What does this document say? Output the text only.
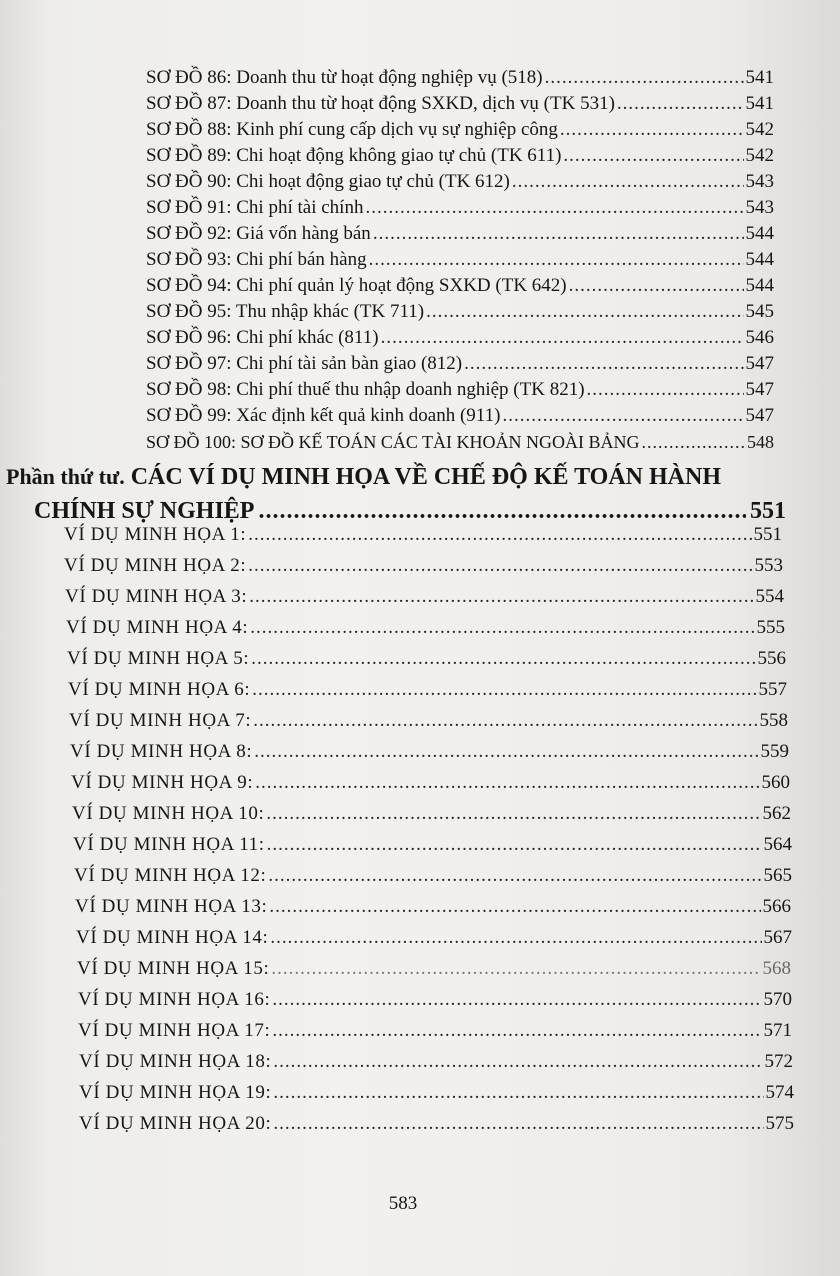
SƠ ĐỒ 86: Doanh thu từ hoạt động nghiệp vụ (518) .....	541
SƠ ĐỒ 87: Doanh thu từ hoạt động SXKD, dịch vụ (TK 531) .....	541
SƠ ĐỒ 88: Kinh phí cung cấp dịch vụ sự nghiệp công .....	542
SƠ ĐỒ 89: Chi hoạt động không giao tự chủ (TK 611) .....	542
SƠ ĐỒ 90: Chi hoạt động giao tự chủ (TK 612) .....	543
SƠ ĐỒ 91: Chi phí tài chính .....	543
SƠ ĐỒ 92: Giá vốn hàng bán .....	544
SƠ ĐỒ 93: Chi phí bán hàng .....	544
SƠ ĐỒ 94: Chi phí quản lý hoạt động SXKD (TK 642) .....	544
SƠ ĐỒ 95: Thu nhập khác (TK 711) .....	545
SƠ ĐỒ 96: Chi phí khác (811) .....	546
SƠ ĐỒ 97: Chi phí tài sản bàn giao (812) .....	547
SƠ ĐỒ 98: Chi phí thuế thu nhập doanh nghiệp (TK 821) .....	547
SƠ ĐỒ 99: Xác định kết quả kinh doanh (911) .....	547
SƠ ĐỒ 100: SƠ ĐỒ KẾ TOÁN CÁC TÀI KHOẢN NGOÀI BẢNG .....	548
Phần thứ tư. CÁC VÍ DỤ MINH HỌA VỀ CHẾ ĐỘ KẾ TOÁN HÀNH
CHÍNH SỰ NGHIỆP .....	551
VÍ DỤ MINH HỌA 1: .....	551
VÍ DỤ MINH HỌA 2: .....	553
VÍ DỤ MINH HỌA 3: .....	554
VÍ DỤ MINH HỌA 4: .....	555
VÍ DỤ MINH HỌA 5: .....	556
VÍ DỤ MINH HỌA 6: .....	557
VÍ DỤ MINH HỌA 7: .....	558
VÍ DỤ MINH HỌA 8: .....	559
VÍ DỤ MINH HỌA 9: .....	560
VÍ DỤ MINH HỌA 10: .....	562
VÍ DỤ MINH HỌA 11: .....	564
VÍ DỤ MINH HỌA 12: .....	565
VÍ DỤ MINH HỌA 13: .....	566
VÍ DỤ MINH HỌA 14: .....	567
VÍ DỤ MINH HỌA 15: .....	568
VÍ DỤ MINH HỌA 16: .....	570
VÍ DỤ MINH HỌA 17: .....	571
VÍ DỤ MINH HỌA 18: .....	572
VÍ DỤ MINH HỌA 19: .....	574
VÍ DỤ MINH HỌA 20: .....	575
583
